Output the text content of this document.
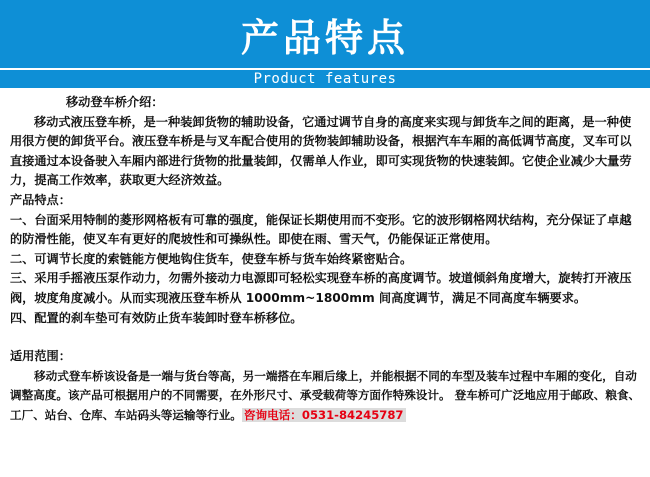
产品特点
Product features

移动登车桥介绍：

移动式液压登车桥，是一种装卸货物的辅助设备，它通过调节自身的高度来实现与卸货车之间的距离，是一种使用很方便的卸货平台。液压登车桥是与叉车配合使用的货物装卸辅助设备，根据汽车车厢的高低调节高度，叉车可以直接通过本设备驶入车厢内部进行货物的批量装卸，仅需单人作业，即可实现货物的快速装卸。它使企业减少大量劳力，提高工作效率，获取更大经济效益。

产品特点：

一、台面采用特制的菱形网格板有可靠的强度，能保证长期使用而不变形。它的波形钢格网状结构，充分保证了卓越的防滑性能，使叉车有更好的爬坡性和可操纵性。即使在雨、雪天气，仍能保证正常使用。

二、可调节长度的索链能方便地钩住货车，使登车桥与货车始终紧密贴合。

三、采用手摇液压泵作动力，勿需外接动力电源即可轻松实现登车桥的高度调节。坡道倾斜角度增大，旋转打开液压阀，坡度角度减小。从而实现液压登车桥从 1000mm~1800mm 间高度调节，满足不同高度车辆要求。

四、配置的刹车垫可有效防止货车装卸时登车桥移位。

适用范围：

移动式登车桥该设备是一端与货台等高，另一端搭在车厢后缘上，并能根据不同的车型及装车过程中车厢的变化，自动调整高度。该产品可根据用户的不同需要，在外形尺寸、承受载荷等方面作特殊设计。 登车桥可广泛地应用于邮政、粮食、工厂、站台、仓库、车站码头等运输等行业。 咨询电话：0531-84245787
